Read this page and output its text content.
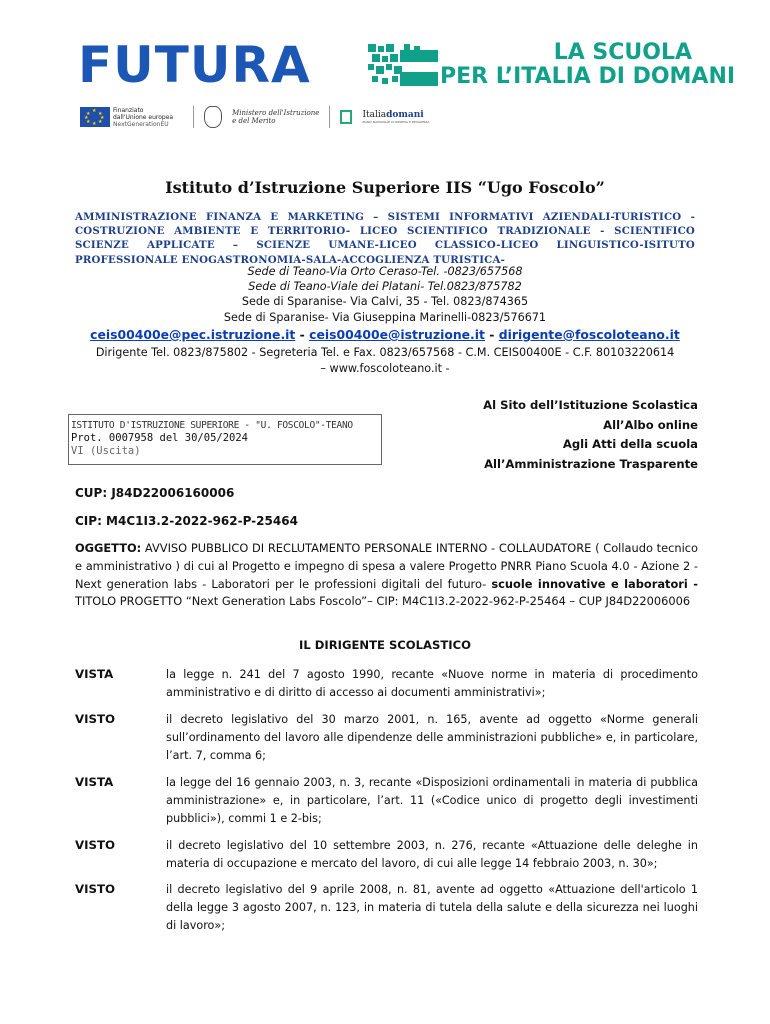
FUTURA	LA SCUOLA
PER L’ITALIA DI DOMANI
★
★ ★
★ ★
★ ★
★
Finanziato
dall'Unione europea
NextGenerationEU
Ministero dell'Istruzione
e del Merito
Italiadomani
PIANO NAZIONALE DI RIPRESA E RESILIENZA
Istituto d’Istruzione Superiore IIS “Ugo Foscolo”
AMMINISTRAZIONE FINANZA E MARKETING – SISTEMI INFORMATIVI AZIENDALI-TURISTICO - COSTRUZIONE AMBIENTE E TERRITORIO- LICEO SCIENTIFICO TRADIZIONALE - SCIENTIFICO SCIENZE APPLICATE – SCIENZE UMANE-LICEO CLASSICO-LICEO LINGUISTICO-ISITUTO PROFESSIONALE ENOGASTRONOMIA-SALA-ACCOGLIENZA TURISTICA-
Sede di Teano-Via Orto Ceraso-Tel. -0823/657568
Sede di Teano-Viale dei Platani- Tel.0823/875782
Sede di Sparanise- Via Calvi, 35 - Tel. 0823/874365
Sede di Sparanise- Via Giuseppina Marinelli-0823/576671
ceis00400e@pec.istruzione.it - ceis00400e@istruzione.it - dirigente@foscoloteano.it
Dirigente Tel. 0823/875802 - Segreteria Tel. e Fax. 0823/657568 - C.M. CEIS00400E - C.F. 80103220614
– www.foscoloteano.it -
Al Sito dell’Istituzione Scolastica
All’Albo online
Agli Atti della scuola
All’Amministrazione Trasparente
ISTITUTO D'ISTRUZIONE SUPERIORE - "U. FOSCOLO"-TEANO
Prot. 0007958 del 30/05/2024
VI (Uscita)
CUP: J84D22006160006
CIP: M4C1I3.2-2022-962-P-25464
OGGETTO: AVVISO PUBBLICO DI RECLUTAMENTO PERSONALE INTERNO - COLLAUDATORE ( Collaudo tecnico e amministrativo ) di cui al Progetto e impegno di spesa a valere Progetto PNRR Piano Scuola 4.0 - Azione 2 - Next generation labs - Laboratori per le professioni digitali del futuro- scuole innovative e laboratori - TITOLO PROGETTO “Next Generation Labs Foscolo”– CIP: M4C1I3.2-2022-962-P-25464 – CUP J84D22006006
IL DIRIGENTE SCOLASTICO
VISTA	la legge n. 241 del 7 agosto 1990, recante «Nuove norme in materia di procedimento amministrativo e di diritto di accesso ai documenti amministrativi»;
VISTO	il decreto legislativo del 30 marzo 2001, n. 165, avente ad oggetto «Norme generali sull’ordinamento del lavoro alle dipendenze delle amministrazioni pubbliche» e, in particolare, l’art. 7, comma 6;
VISTA	la legge del 16 gennaio 2003, n. 3, recante «Disposizioni ordinamentali in materia di pubblica amministrazione» e, in particolare, l’art. 11 («Codice unico di progetto degli investimenti pubblici»), commi 1 e 2-bis;
VISTO	il decreto legislativo del 10 settembre 2003, n. 276, recante «Attuazione delle deleghe in materia di occupazione e mercato del lavoro, di cui alle legge 14 febbraio 2003, n. 30»;
VISTO	il decreto legislativo del 9 aprile 2008, n. 81, avente ad oggetto «Attuazione dell'articolo 1 della legge 3 agosto 2007, n. 123, in materia di tutela della salute e della sicurezza nei luoghi di lavoro»;
